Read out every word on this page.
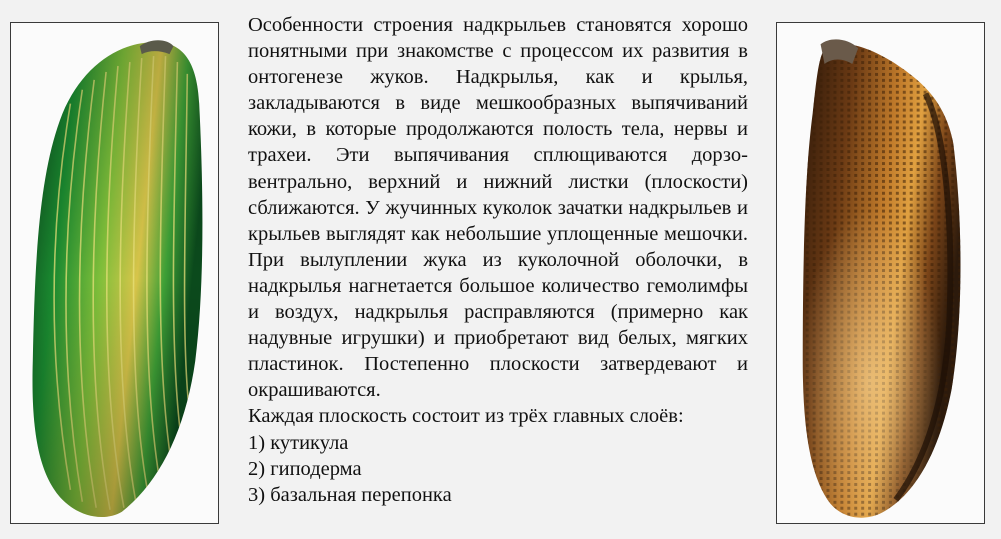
Особенности строения надкрыльев становятся хорошо понятными при знакомстве с процессом их развития в онтогенезе жуков. Надкрылья, как и крылья, закладываются в виде мешкообразных выпячиваний кожи, в которые продолжаются полость тела, нервы и трахеи. Эти выпячивания сплющиваются дорзо-вентрально, верхний и нижний листки (плоскости) сближаются. У жучинных куколок зачатки надкрыльев и крыльев выглядят как небольшие уплощенные мешочки. При вылуплении жука из куколочной оболочки, в надкрылья нагнетается большое количество гемолимфы и воздух, надкрылья расправляются (примерно как надувные игрушки) и приобретают вид белых, мягких пластинок. Постепенно плоскости затвердевают и окрашиваются.

Каждая плоскость состоит из трёх главных слоёв:

1) кутикула
2) гиподерма
3) базальная перепонка
